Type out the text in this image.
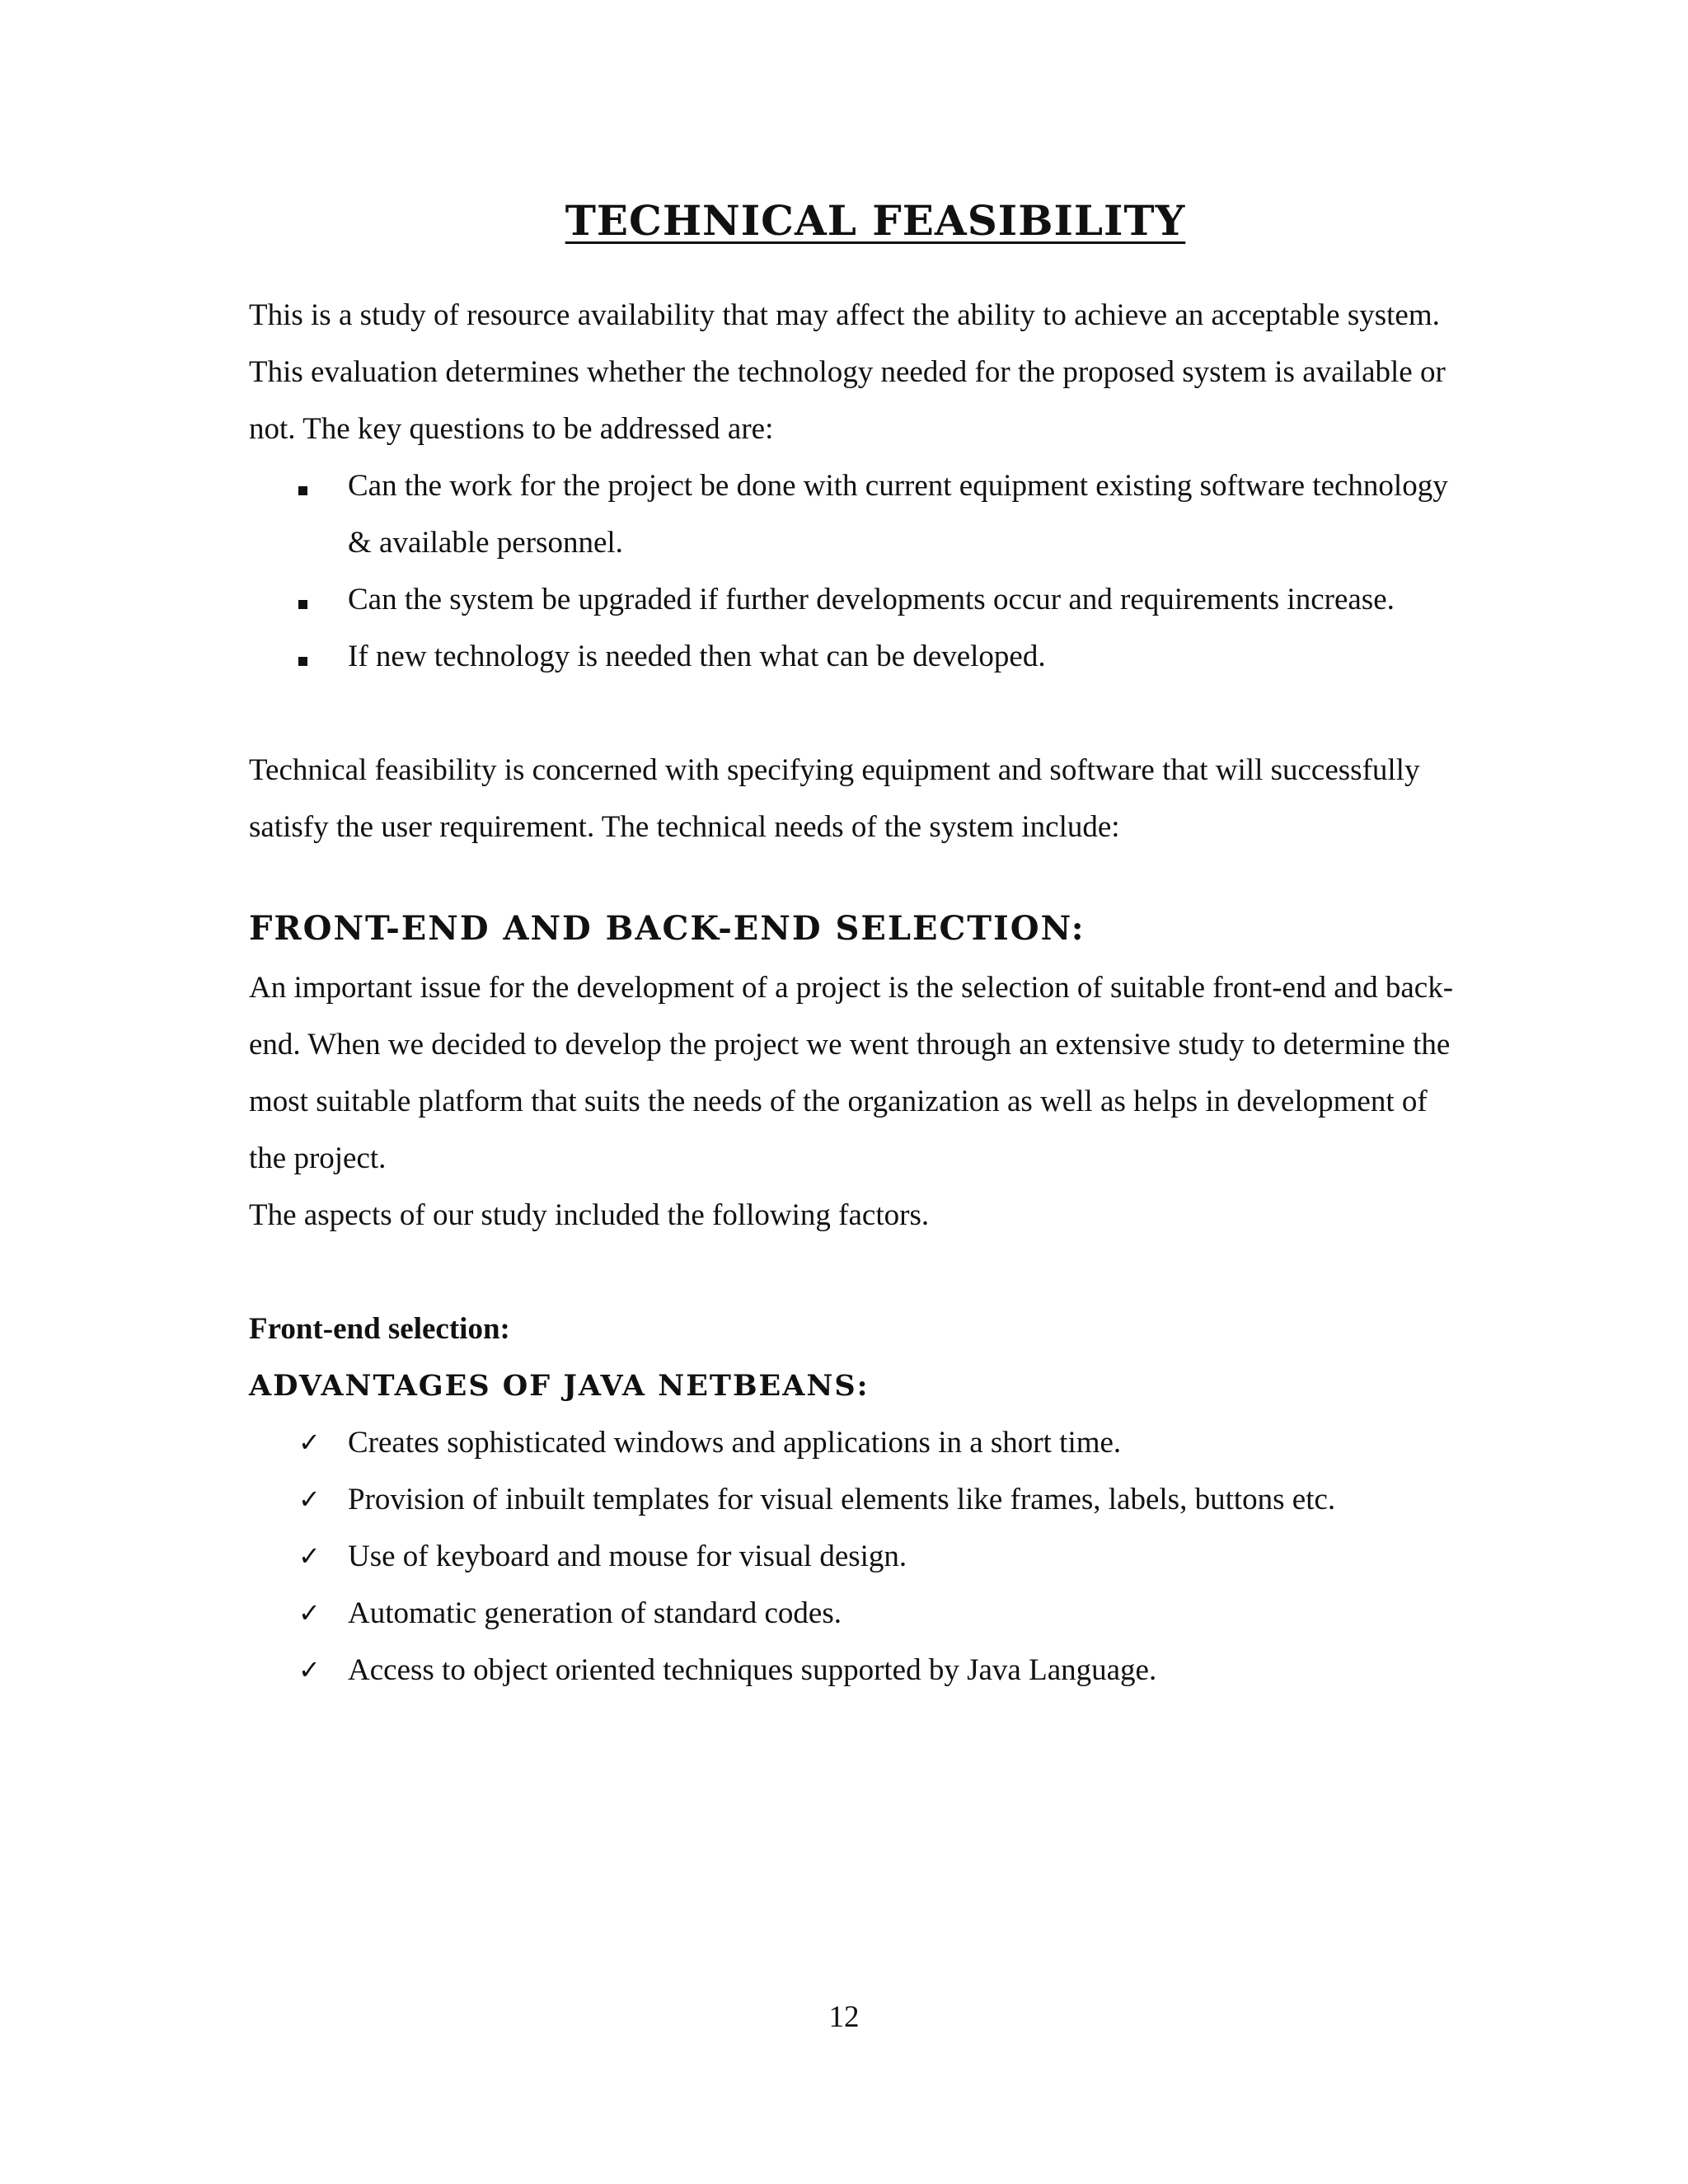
TECHNICAL FEASIBILITY

This is a study of resource availability that may affect the ability to achieve an acceptable system. This evaluation determines whether the technology needed for the proposed system is available or not. The key questions to be addressed are:

Can the work for the project be done with current equipment existing software technology & available personnel.
Can the system be upgraded if further developments occur and requirements increase.
If new technology is needed then what can be developed.

Technical feasibility is concerned with specifying equipment and software that will successfully satisfy the user requirement. The technical needs of the system include:

FRONT-END AND BACK-END SELECTION:

An important issue for the development of a project is the selection of suitable front-end and back-end. When we decided to develop the project we went through an extensive study to determine the most suitable platform that suits the needs of the organization as well as helps in development of the project.

The aspects of our study included the following factors.

Front-end selection:

ADVANTAGES OF JAVA NETBEANS:
✓ Creates sophisticated windows and applications in a short time.
✓ Provision of inbuilt templates for visual elements like frames, labels, buttons etc.
✓ Use of keyboard and mouse for visual design.
✓ Automatic generation of standard codes.
✓ Access to object oriented techniques supported by Java Language.
12
